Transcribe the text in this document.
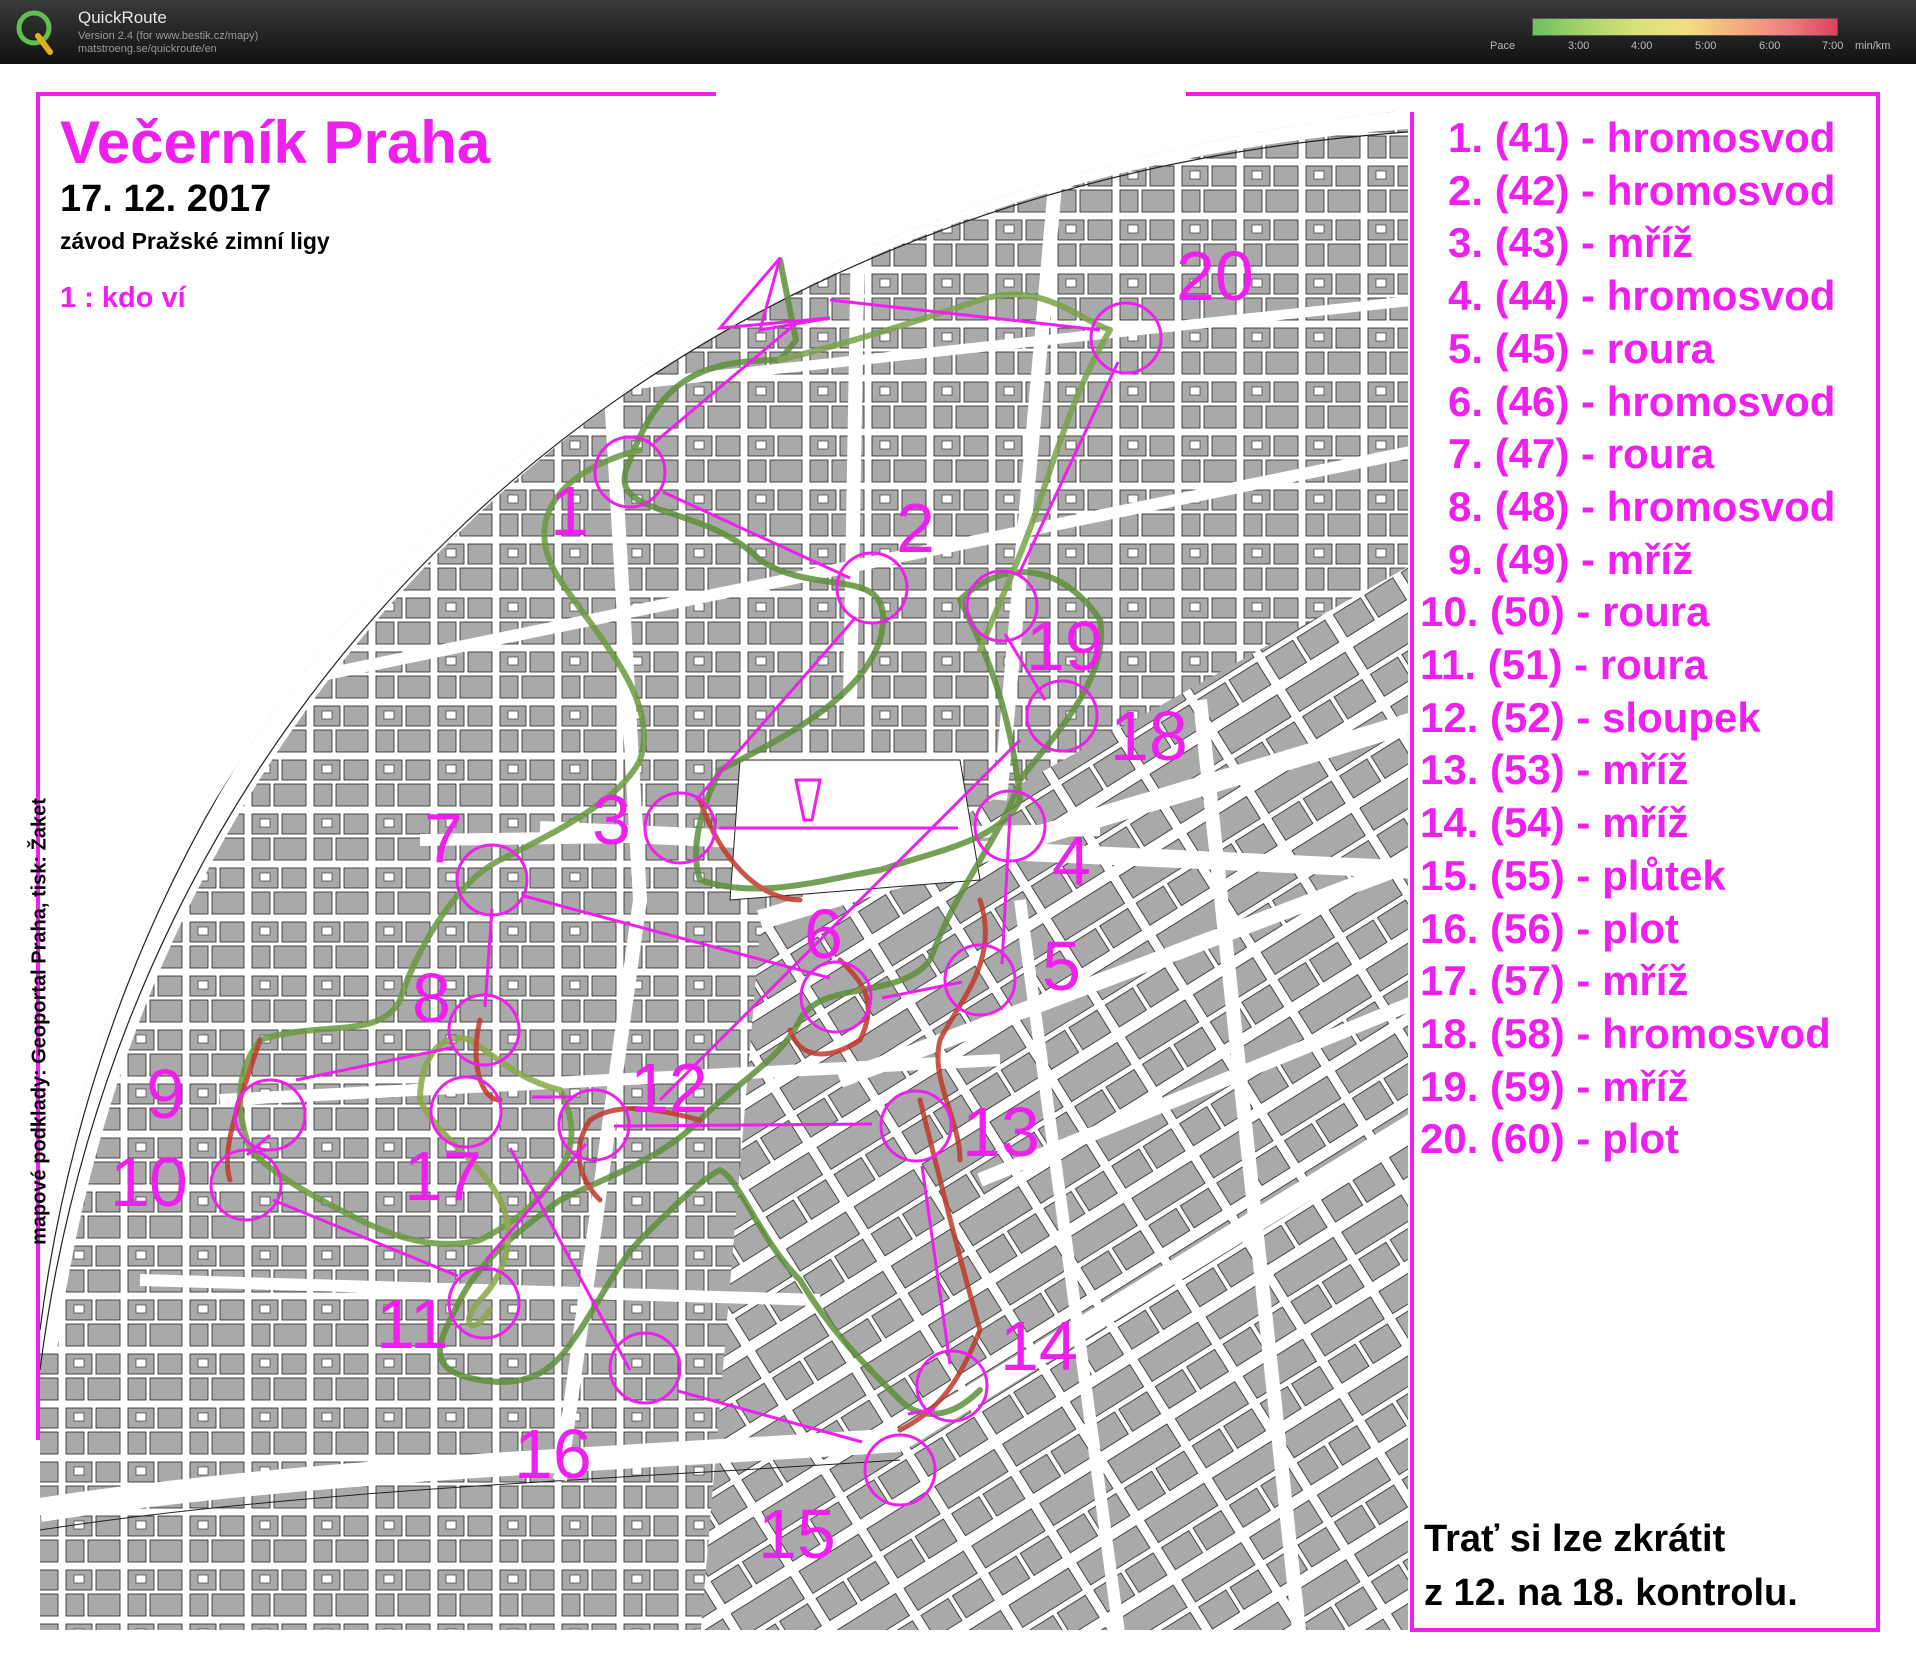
QuickRoute
Version 2.4 (for www.bestik.cz/mapy)
matstroeng.se/quickroute/en	Pace	3:00	4:00	5:00	6:00	7:00 min/km
1	2
3
4
5
6
7
8
9
10
11
12
13
14
15
16
17
18
19
20
Večerník Praha
17. 12. 2017
závod Pražské zimní ligy
1 : kdo ví
mapové podklady: Geoportal Praha, tisk: Žaket
1. (41) - hromosvod
2. (42) - hromosvod
3. (43) - mříž
4. (44) - hromosvod
5. (45) - roura
6. (46) - hromosvod
7. (47) - roura
8. (48) - hromosvod
9. (49) - mříž
10. (50) - roura
11. (51) - roura
12. (52) - sloupek
13. (53) - mříž
14. (54) - mříž
15. (55) - plůtek
16. (56) - plot
17. (57) - mříž
18. (58) - hromosvod
19. (59) - mříž
20. (60) - plot
Trať si lze zkrátit
z 12. na 18. kontrolu.
